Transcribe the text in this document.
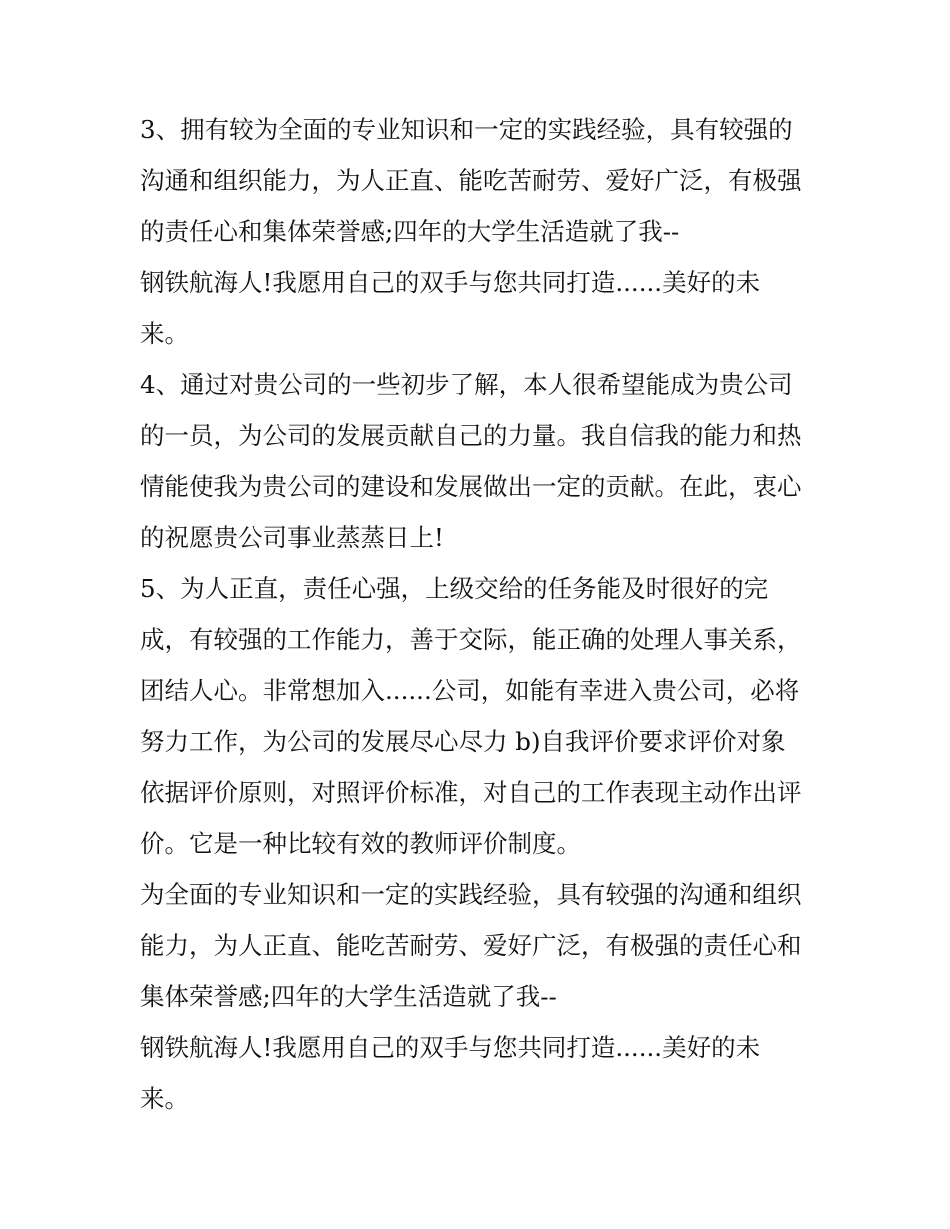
3、拥有较为全面的专业知识和一定的实践经验，具有较强的
沟通和组织能力，为人正直、能吃苦耐劳、爱好广泛，有极强
的责任心和集体荣誉感;四年的大学生活造就了我--
钢铁航海人!我愿用自己的双手与您共同打造......美好的未
来。
4、通过对贵公司的一些初步了解，本人很希望能成为贵公司
的一员，为公司的发展贡献自己的力量。我自信我的能力和热
情能使我为贵公司的建设和发展做出一定的贡献。在此，衷心
的祝愿贵公司事业蒸蒸日上!
5、为人正直，责任心强，上级交给的任务能及时很好的完
成，有较强的工作能力，善于交际，能正确的处理人事关系，
团结人心。非常想加入......公司，如能有幸进入贵公司，必将
努力工作，为公司的发展尽心尽力 b)自我评价要求评价对象
依据评价原则，对照评价标准，对自己的工作表现主动作出评
价。它是一种比较有效的教师评价制度。
为全面的专业知识和一定的实践经验，具有较强的沟通和组织
能力，为人正直、能吃苦耐劳、爱好广泛，有极强的责任心和
集体荣誉感;四年的大学生活造就了我--
钢铁航海人!我愿用自己的双手与您共同打造......美好的未
来。
